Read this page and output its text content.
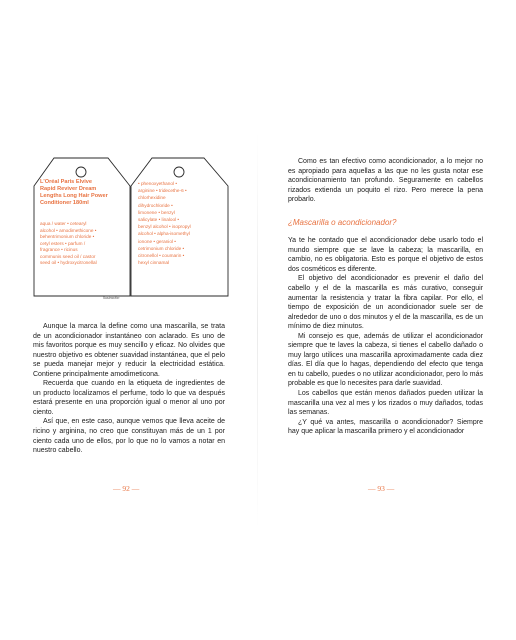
L'Oréal Paris Elvive
Rapid Reviver Dream
Lengths Long Hair Power
Conditioner 180ml
aqua / water • cetearyl
alcohol • amodimethicone •
behentrimonium chloride •
cetyl esters • parfum /
fragrance • ricinus
communis seed oil / castor
seed oil • hydroxycitronellal
• phenoxyethanol •
arginine • tridecethe-6 •
chlorhexidine
dihydrochloride •
limonene • benzyl
salicylate • linalool •
benzyl alcohol • isopropyl
alcohol • alpha-isomethyl
ionone • geraniol •
cetrimonium chloride •
citronellol • coumarin •
hexyl cinnamal
Ilustración

Aunque la marca la define como una mascarilla, se trata de un acondicionador instantáneo con aclarado. Es uno de mis favoritos porque es muy sencillo y eficaz. No olvides que nuestro objetivo es obtener suavidad instantánea, que el pelo se pueda manejar mejor y reducir la electricidad estática. Contiene principalmente amodimeticona.

Recuerda que cuando en la etiqueta de ingredientes de un producto localizamos el perfume, todo lo que va después estará presente en una proporción igual o menor al uno por ciento.

Así que, en este caso, aunque vemos que lleva aceite de ricino y arginina, no creo que constituyan más de un 1 por ciento cada uno de ellos, por lo que no lo vamos a notar en nuestro cabello.

Como es tan efectivo como acondicionador, a lo mejor no es apropiado para aquellas a las que no les gusta notar ese acondicionamiento tan profundo. Seguramente en cabellos rizados extienda un poquito el rizo. Pero merece la pena probarlo.

¿Mascarilla o acondicionador?

Ya te he contado que el acondicionador debe usarlo todo el mundo siempre que se lave la cabeza; la mascarilla, en cambio, no es obligatoria. Esto es porque el objetivo de estos dos cosméticos es diferente.

El objetivo del acondicionador es prevenir el daño del cabello y el de la mascarilla es más curativo, conseguir aumentar la resistencia y tratar la fibra capilar. Por ello, el tiempo de exposición de un acondicionador suele ser de alrededor de uno o dos minutos y el de la mascarilla, es de un mínimo de diez minutos.

Mi consejo es que, además de utilizar el acondicionador siempre que te laves la cabeza, si tienes el cabello dañado o muy largo utilices una mascarilla aproximadamente cada diez días. El día que lo hagas, dependiendo del efecto que tenga en tu cabello, puedes o no utilizar acondicionador, pero lo más probable es que lo necesites para darle suavidad.

Los cabellos que están menos dañados pueden utilizar la mascarilla una vez al mes y los rizados o muy dañados, todas las semanas.

¿Y qué va antes, mascarilla o acondicionador? Siempre hay que aplicar la mascarilla primero y el acondicionador

— 92 —	— 93 —
